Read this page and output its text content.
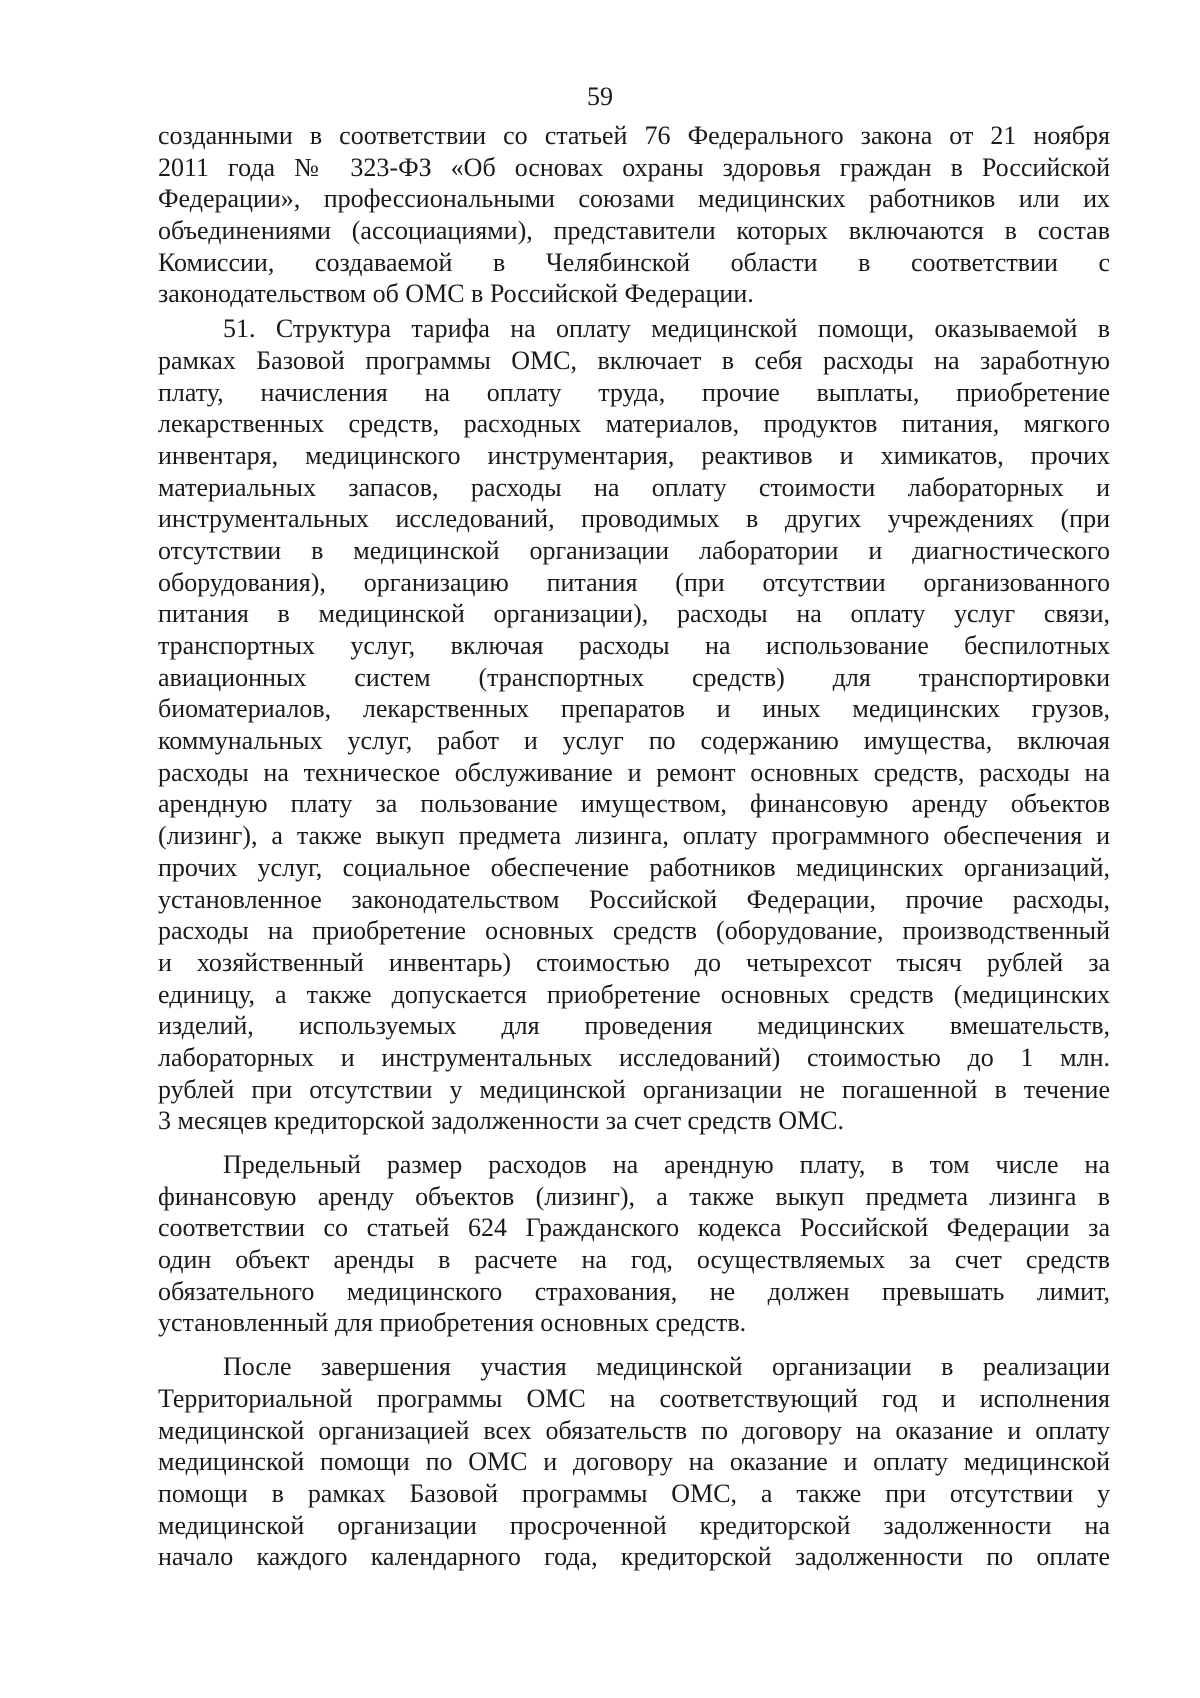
59
созданными в соответствии со статьей 76 Федерального закона от 21 ноября
2011 года № 323-ФЗ «Об основах охраны здоровья граждан в Российской
Федерации», профессиональными союзами медицинских работников или их
объединениями (ассоциациями), представители которых включаются в состав
Комиссии, создаваемой в Челябинской области в соответствии с
законодательством об ОМС в Российской Федерации.
51. Структура тарифа на оплату медицинской помощи, оказываемой в
рамках Базовой программы ОМС, включает в себя расходы на заработную
плату, начисления на оплату труда, прочие выплаты, приобретение
лекарственных средств, расходных материалов, продуктов питания, мягкого
инвентаря, медицинского инструментария, реактивов и химикатов, прочих
материальных запасов, расходы на оплату стоимости лабораторных и
инструментальных исследований, проводимых в других учреждениях (при
отсутствии в медицинской организации лаборатории и диагностического
оборудования), организацию питания (при отсутствии организованного
питания в медицинской организации), расходы на оплату услуг связи,
транспортных услуг, включая расходы на использование беспилотных
авиационных систем (транспортных средств) для транспортировки
биоматериалов, лекарственных препаратов и иных медицинских грузов,
коммунальных услуг, работ и услуг по содержанию имущества, включая
расходы на техническое обслуживание и ремонт основных средств, расходы на
арендную плату за пользование имуществом, финансовую аренду объектов
(лизинг), а также выкуп предмета лизинга, оплату программного обеспечения и
прочих услуг, социальное обеспечение работников медицинских организаций,
установленное законодательством Российской Федерации, прочие расходы,
расходы на приобретение основных средств (оборудование, производственный
и хозяйственный инвентарь) стоимостью до четырехсот тысяч рублей за
единицу, а также допускается приобретение основных средств (медицинских
изделий, используемых для проведения медицинских вмешательств,
лабораторных и инструментальных исследований) стоимостью до 1 млн.
рублей при отсутствии у медицинской организации не погашенной в течение
3 месяцев кредиторской задолженности за счет средств ОМС.
Предельный размер расходов на арендную плату, в том числе на
финансовую аренду объектов (лизинг), а также выкуп предмета лизинга в
соответствии со статьей 624 Гражданского кодекса Российской Федерации за
один объект аренды в расчете на год, осуществляемых за счет средств
обязательного медицинского страхования, не должен превышать лимит,
установленный для приобретения основных средств.
После завершения участия медицинской организации в реализации
Территориальной программы ОМС на соответствующий год и исполнения
медицинской организацией всех обязательств по договору на оказание и оплату
медицинской помощи по ОМС и договору на оказание и оплату медицинской
помощи в рамках Базовой программы ОМС, а также при отсутствии у
медицинской организации просроченной кредиторской задолженности на
начало каждого календарного года, кредиторской задолженности по оплате
